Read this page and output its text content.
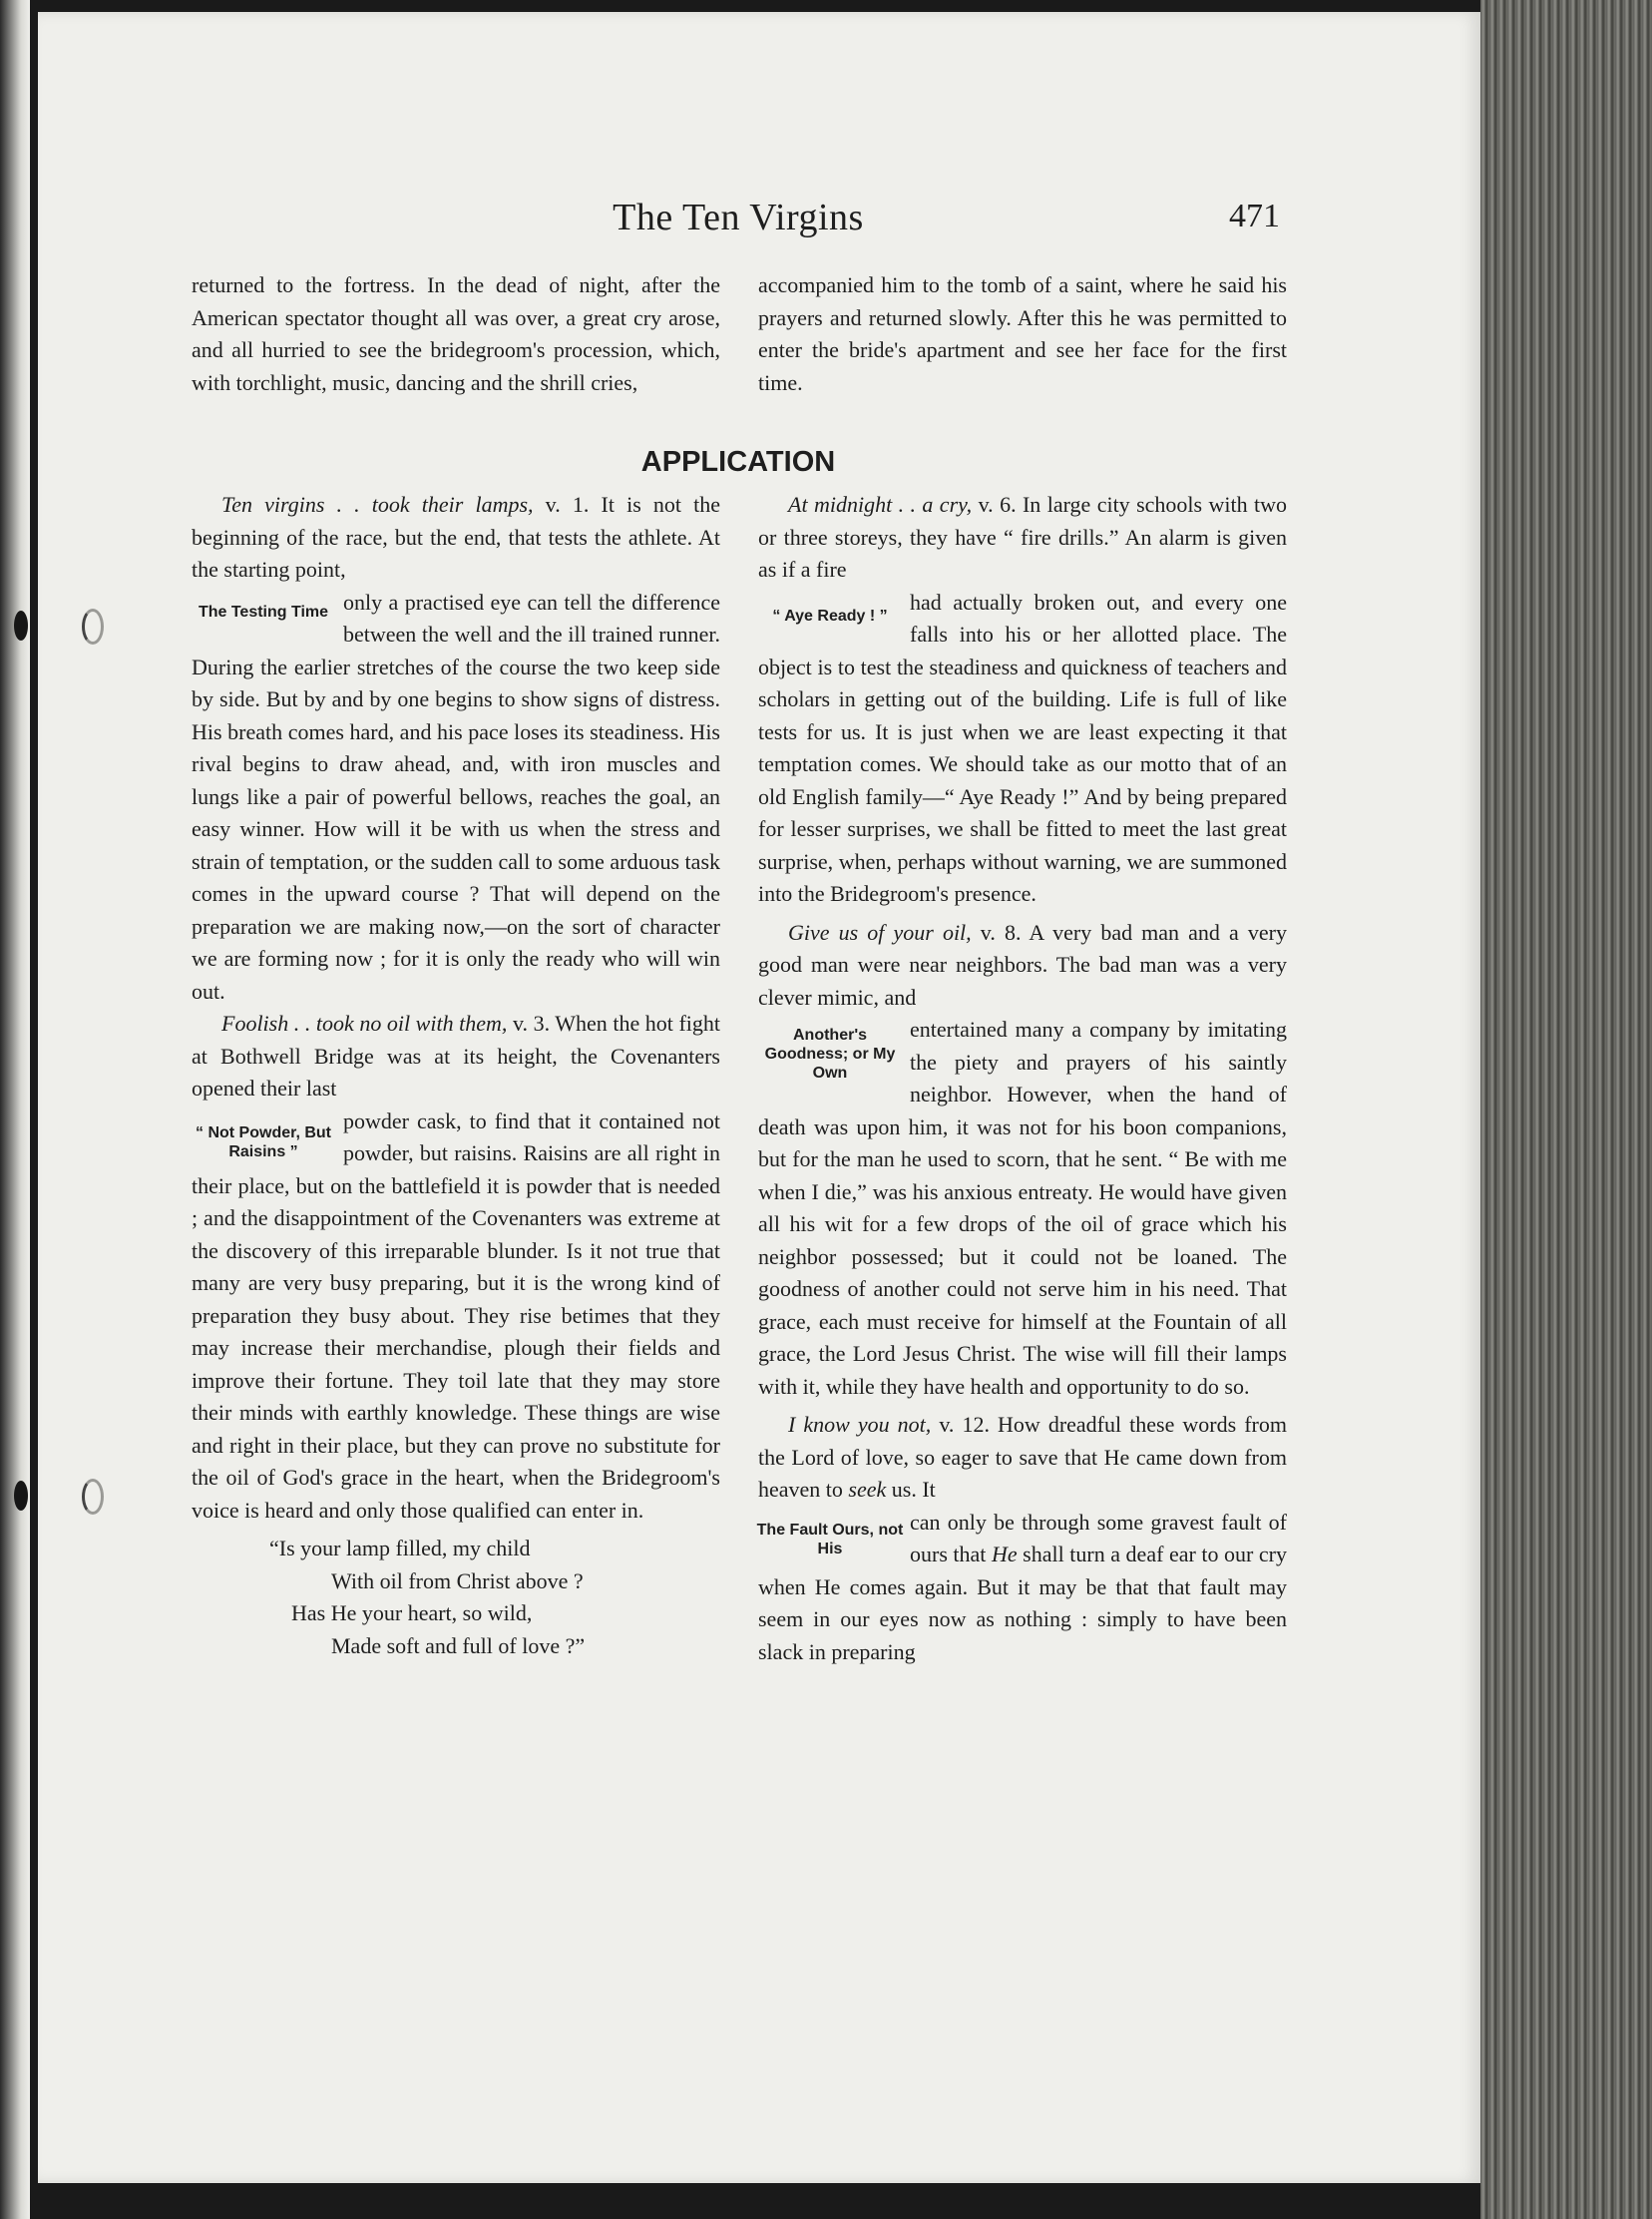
The Ten Virgins	471

returned to the fortress. In the dead of night, after the American spectator thought all was over, a great cry arose, and all hurried to see the bridegroom's procession, which, with torchlight, music, dancing and the shrill cries,

accompanied him to the tomb of a saint, where he said his prayers and returned slowly. After this he was permitted to enter the bride's apartment and see her face for the first time.

APPLICATION

Ten virgins . . took their lamps, v. 1. It is not the beginning of the race, but the end, that tests the athlete. At the starting point,

The Testing Time only a practised eye can tell the difference between the well and the ill trained runner. During the earlier stretches of the course the two keep side by side. But by and by one begins to show signs of distress. His breath comes hard, and his pace loses its steadiness. His rival begins to draw ahead, and, with iron muscles and lungs like a pair of powerful bellows, reaches the goal, an easy winner. How will it be with us when the stress and strain of temptation, or the sudden call to some arduous task comes in the upward course ? That will depend on the preparation we are making now,—on the sort of character we are forming now ; for it is only the ready who will win out.

Foolish . . took no oil with them, v. 3. When the hot fight at Bothwell Bridge was at its height, the Covenanters opened their last

“ Not Powder, But Raisins ”
powder cask, to find that it contained not powder, but raisins. Raisins are all right in their place, but on the battlefield it is powder that is needed ; and the disappointment of the Covenanters was extreme at the discovery of this irreparable blunder. Is it not true that many are very busy preparing, but it is the wrong kind of preparation they busy about. They rise betimes that they may increase their merchandise, plough their fields and improve their fortune. They toil late that they may store their minds with earthly knowledge. These things are wise and right in their place, but they can prove no substitute for the oil of God's grace in the heart, when the Bridegroom's voice is heard and only those qualified can enter in.

“Is your lamp filled, my child

With oil from Christ above ?

Has He your heart, so wild,

Made soft and full of love ?”

At midnight . . a cry, v. 6. In large city schools with two or three storeys, they have “ fire drills.” An alarm is given as if a fire

“ Aye Ready ! ”
had actually broken out, and every one falls into his or her allotted place. The object is to test the steadiness and quickness of teachers and scholars in getting out of the building. Life is full of like tests for us. It is just when we are least expecting it that temptation comes. We should take as our motto that of an old English family—“ Aye Ready !” And by being prepared for lesser surprises, we shall be fitted to meet the last great surprise, when, perhaps without warning, we are summoned into the Bridegroom's presence.

Give us of your oil, v. 8. A very bad man and a very good man were near neighbors. The bad man was a very clever mimic, and

Another's Goodness; or My Own
entertained many a company by imitating the piety and prayers of his saintly neighbor. However, when the hand of death was upon him, it was not for his boon companions, but for the man he used to scorn, that he sent. “ Be with me when I die,” was his anxious entreaty. He would have given all his wit for a few drops of the oil of grace which his neighbor possessed; but it could not be loaned. The goodness of another could not serve him in his need. That grace, each must receive for himself at the Fountain of all grace, the Lord Jesus Christ. The wise will fill their lamps with it, while they have health and opportunity to do so.

I know you not, v. 12. How dreadful these words from the Lord of love, so eager to save that He came down from heaven to seek us. It

The Fault Ours, not His
can only be through some gravest fault of ours that He shall turn a deaf ear to our cry when He comes again. But it may be that that fault may seem in our eyes now as nothing : simply to have been slack in preparing
